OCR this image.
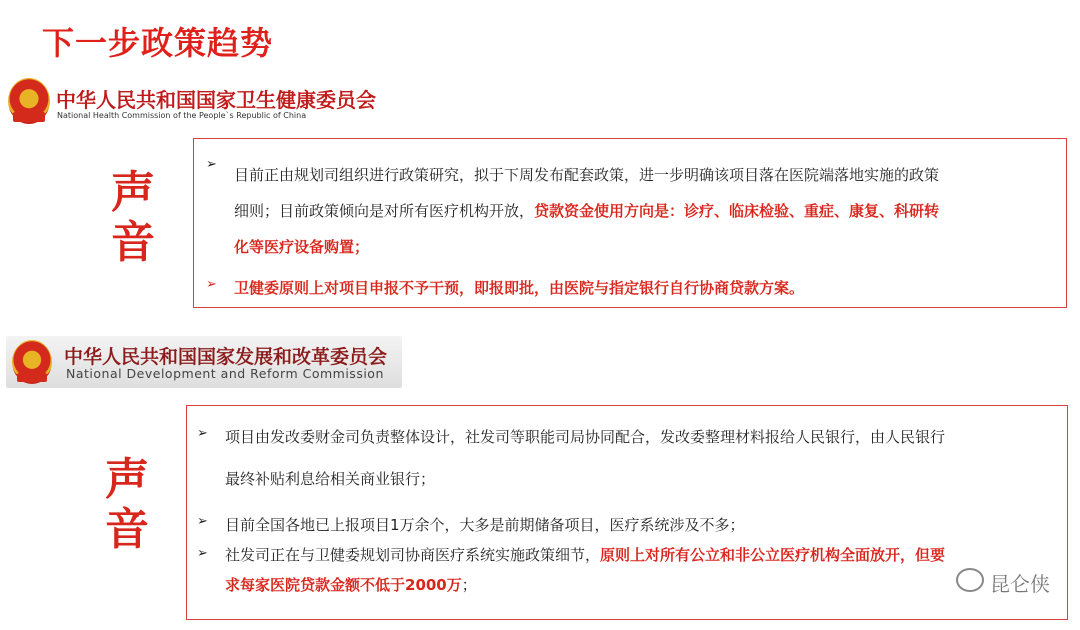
下一步政策趋势
中华人民共和国国家卫生健康委员会
National Health Commission of the People`s Republic of China
声
音
➢
目前正由规划司组织进行政策研究，拟于下周发布配套政策，进一步明确该项目落在医院端落地实施的政策
细则；目前政策倾向是对所有医疗机构开放，贷款资金使用方向是：诊疗、临床检验、重症、康复、科研转
化等医疗设备购置；
➢ 卫健委原则上对项目申报不予干预，即报即批，由医院与指定银行自行协商贷款方案。
中华人民共和国国家发展和改革委员会
National Development and Reform Commission
声
音
➢ 项目由发改委财金司负责整体设计，社发司等职能司局协同配合，发改委整理材料报给人民银行，由人民银行
最终补贴利息给相关商业银行；
➢ 目前全国各地已上报项目1万余个，大多是前期储备项目，医疗系统涉及不多；
➢ 社发司正在与卫健委规划司协商医疗系统实施政策细节，原则上对所有公立和非公立医疗机构全面放开，但要
求每家医院贷款金额不低于2000万；	昆仑侠
